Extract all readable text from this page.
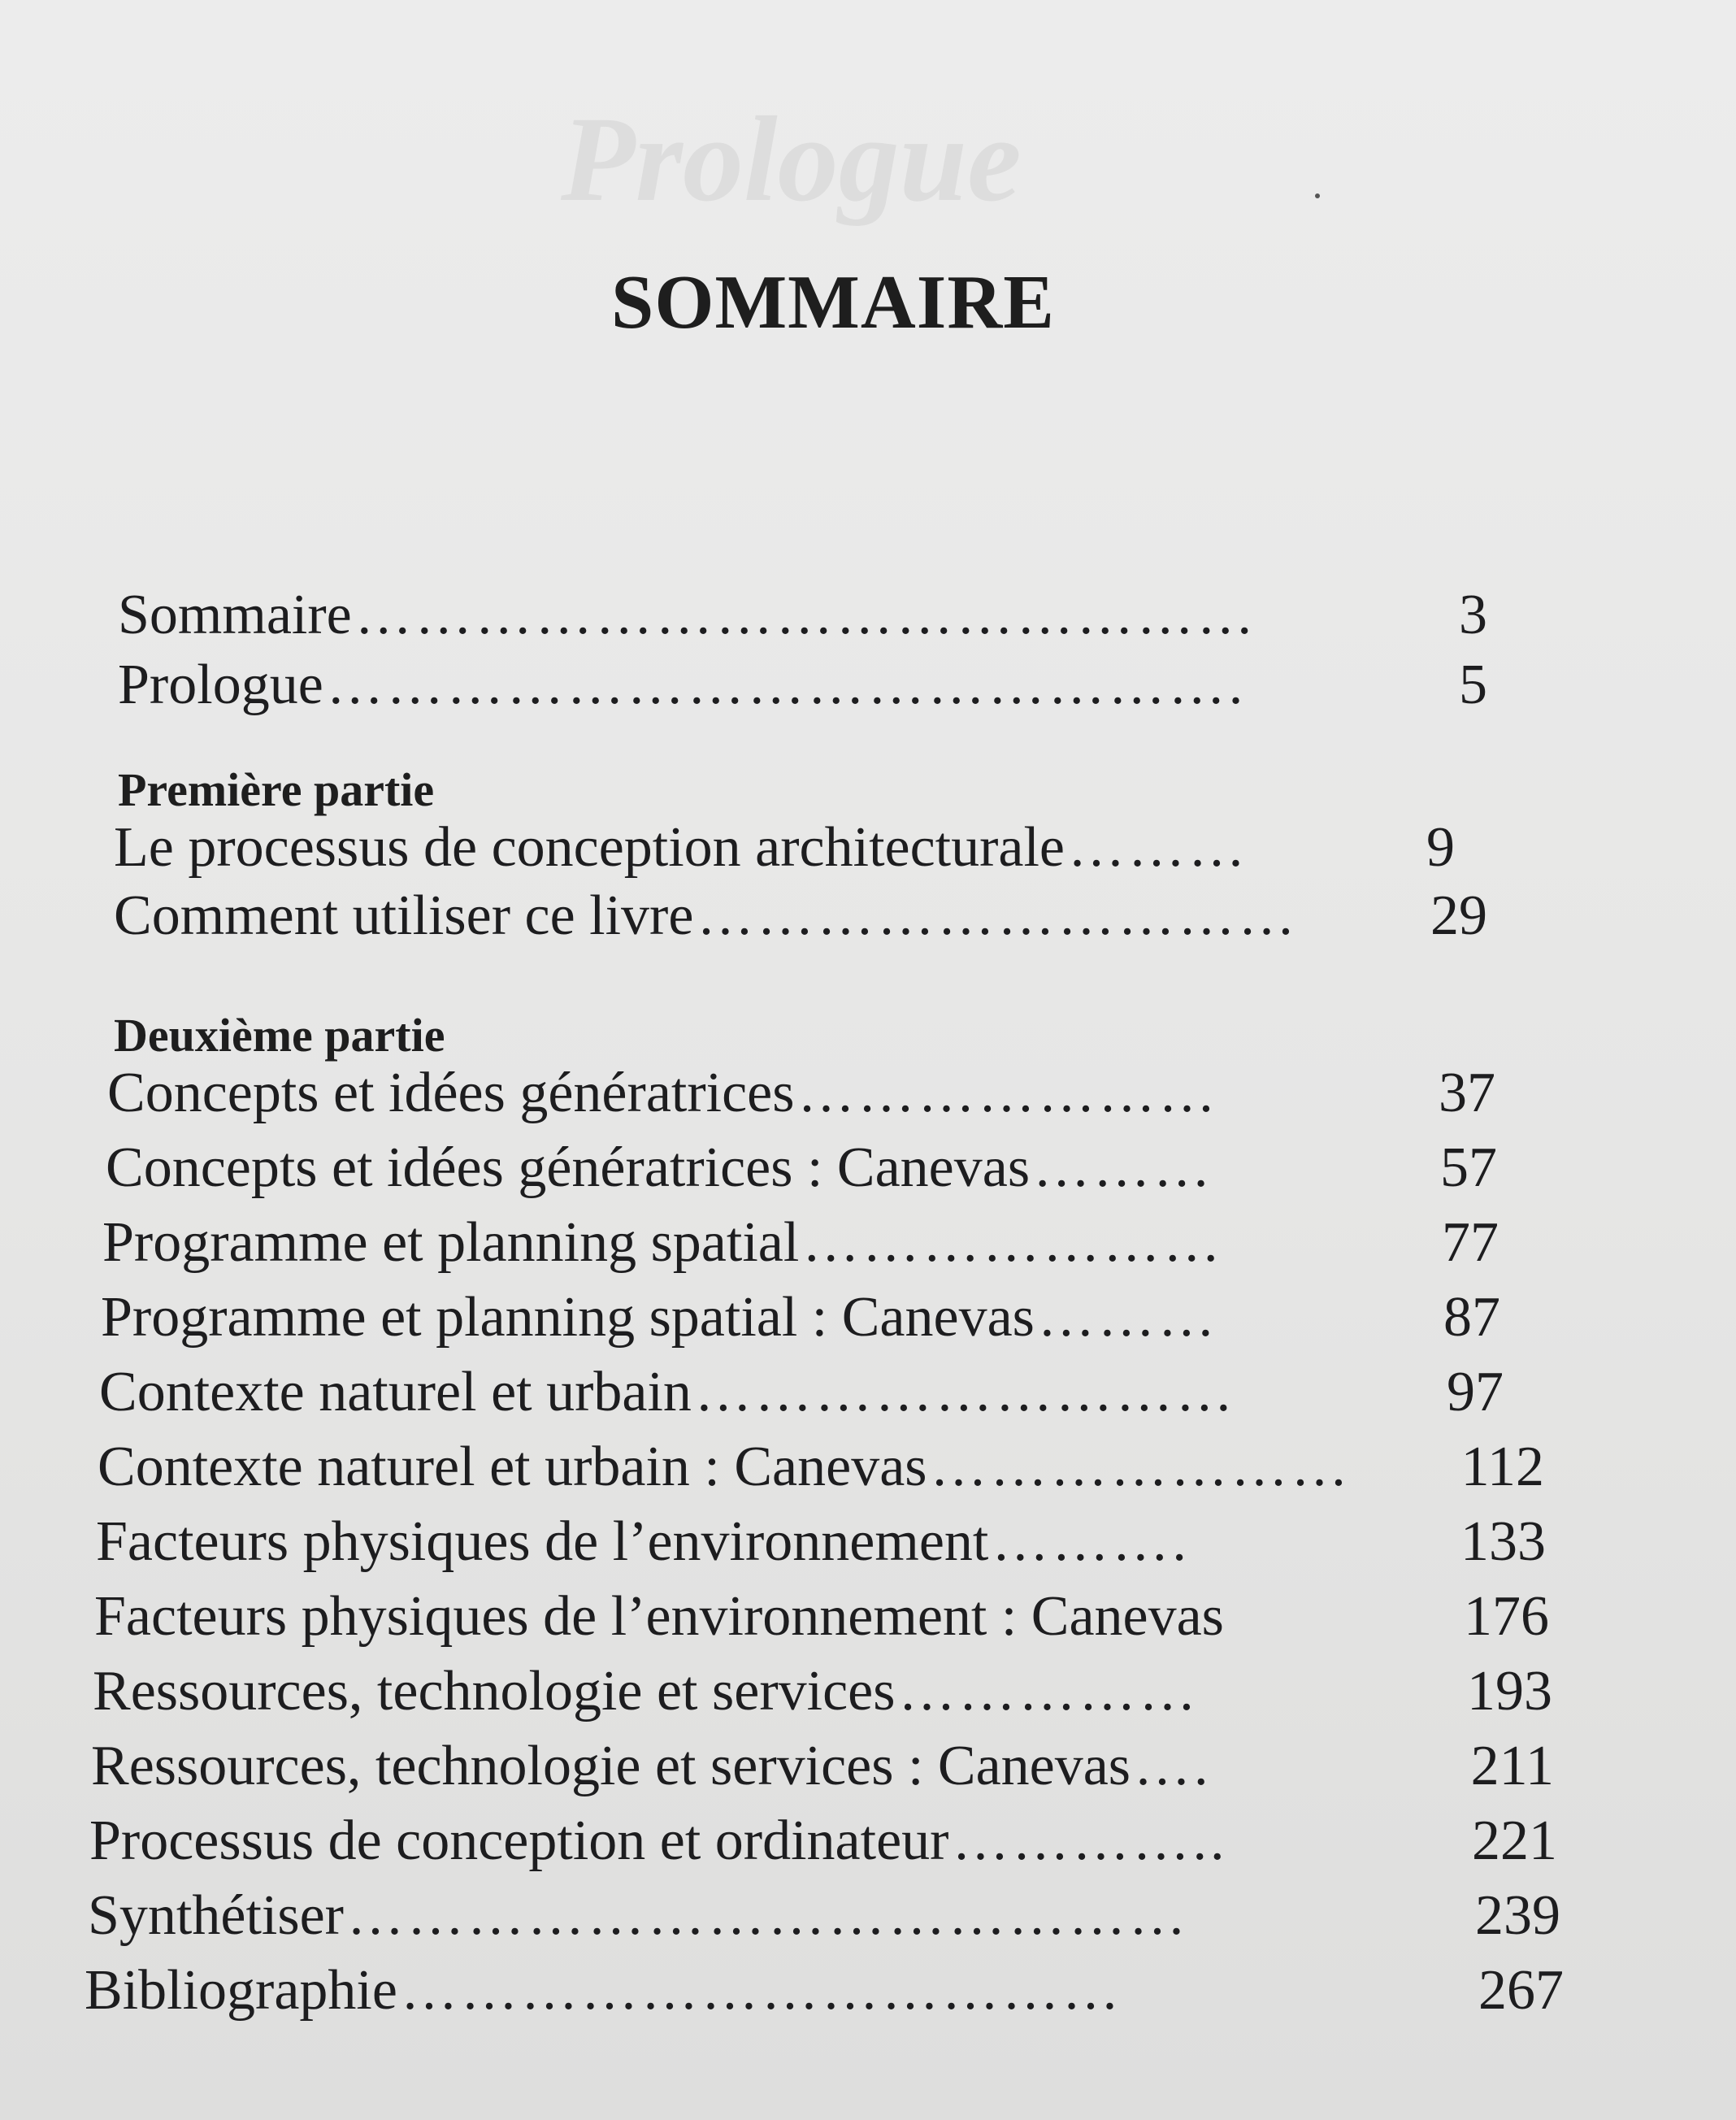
Prologue
SOMMAIRE
Sommaire ………………………………………	3
Prologue ……………………………………….	5
Première partie
Le processus de conception architecturale ………	9
Comment utiliser ce livre …………………………	29
Deuxième partie
Concepts et idées génératrices …………………	37
Concepts et idées génératrices : Canevas ………	57
Programme et planning spatial …………………	77
Programme et planning spatial : Canevas ………	87
Contexte naturel et urbain ………………………	97
Contexte naturel et urbain : Canevas …………………	112
Facteurs physiques de l’environnement ……….	133
Facteurs physiques de l’environnement : Canevas	176
Ressources, technologie et services ……………	193
Ressources, technologie et services : Canevas ….	211
Processus de conception et ordinateur …………..	221
Synthétiser ……………………………………	239
Bibliographie ………………………………	267
